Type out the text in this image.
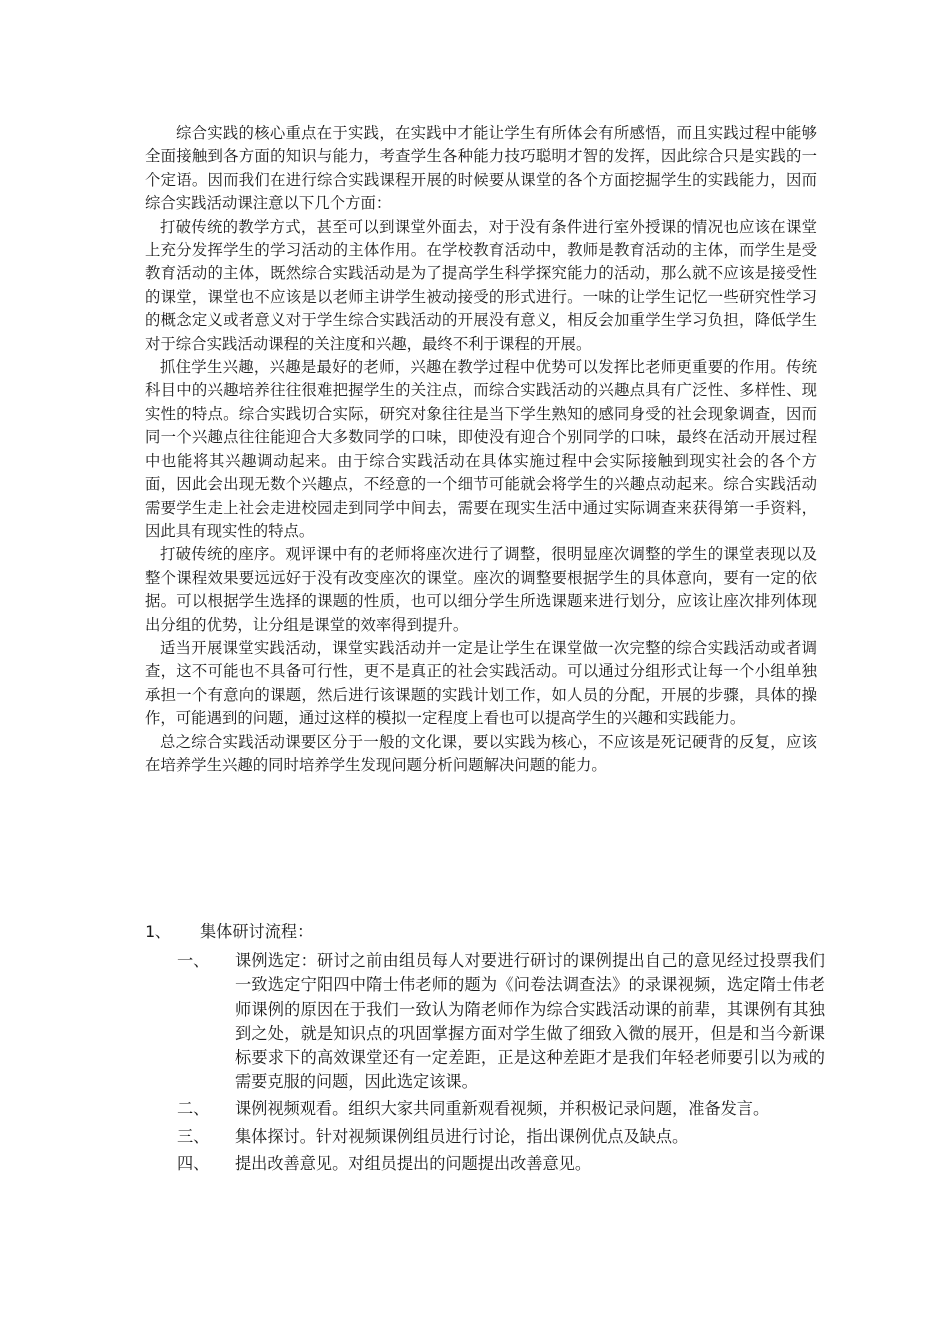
综合实践的核心重点在于实践，在实践中才能让学生有所体会有所感悟，而且实践过程中能够全面接触到各方面的知识与能力，考查学生各种能力技巧聪明才智的发挥，因此综合只是实践的一个定语。因而我们在进行综合实践课程开展的时候要从课堂的各个方面挖掘学生的实践能力，因而综合实践活动课注意以下几个方面：

打破传统的教学方式，甚至可以到课堂外面去，对于没有条件进行室外授课的情况也应该在课堂上充分发挥学生的学习活动的主体作用。在学校教育活动中，教师是教育活动的主体，而学生是受教育活动的主体，既然综合实践活动是为了提高学生科学探究能力的活动，那么就不应该是接受性的课堂，课堂也不应该是以老师主讲学生被动接受的形式进行。一味的让学生记忆一些研究性学习的概念定义或者意义对于学生综合实践活动的开展没有意义，相反会加重学生学习负担，降低学生对于综合实践活动课程的关注度和兴趣，最终不利于课程的开展。

抓住学生兴趣，兴趣是最好的老师，兴趣在教学过程中优势可以发挥比老师更重要的作用。传统科目中的兴趣培养往往很难把握学生的关注点，而综合实践活动的兴趣点具有广泛性、多样性、现实性的特点。综合实践切合实际，研究对象往往是当下学生熟知的感同身受的社会现象调查，因而同一个兴趣点往往能迎合大多数同学的口味，即使没有迎合个别同学的口味，最终在活动开展过程中也能将其兴趣调动起来。由于综合实践活动在具体实施过程中会实际接触到现实社会的各个方面，因此会出现无数个兴趣点，不经意的一个细节可能就会将学生的兴趣点动起来。综合实践活动需要学生走上社会走进校园走到同学中间去，需要在现实生活中通过实际调查来获得第一手资料，因此具有现实性的特点。

打破传统的座序。观评课中有的老师将座次进行了调整，很明显座次调整的学生的课堂表现以及整个课程效果要远远好于没有改变座次的课堂。座次的调整要根据学生的具体意向，要有一定的依据。可以根据学生选择的课题的性质，也可以细分学生所选课题来进行划分，应该让座次排列体现出分组的优势，让分组是课堂的效率得到提升。

适当开展课堂实践活动，课堂实践活动并一定是让学生在课堂做一次完整的综合实践活动或者调查，这不可能也不具备可行性，更不是真正的社会实践活动。可以通过分组形式让每一个小组单独承担一个有意向的课题，然后进行该课题的实践计划工作，如人员的分配，开展的步骤，具体的操作，可能遇到的问题，通过这样的模拟一定程度上看也可以提高学生的兴趣和实践能力。

总之综合实践活动课要区分于一般的文化课，要以实践为核心，不应该是死记硬背的反复，应该在培养学生兴趣的同时培养学生发现问题分析问题解决问题的能力。

1、 集体研讨流程：
一、 课例选定：研讨之前由组员每人对要进行研讨的课例提出自己的意见经过投票我们一致选定宁阳四中隋士伟老师的题为《问卷法调查法》的录课视频，选定隋士伟老师课例的原因在于我们一致认为隋老师作为综合实践活动课的前辈，其课例有其独到之处，就是知识点的巩固掌握方面对学生做了细致入微的展开，但是和当今新课标要求下的高效课堂还有一定差距，正是这种差距才是我们年轻老师要引以为戒的需要克服的问题，因此选定该课。
二、 课例视频观看。组织大家共同重新观看视频，并积极记录问题，准备发言。
三、 集体探讨。针对视频课例组员进行讨论，指出课例优点及缺点。
四、 提出改善意见。对组员提出的问题提出改善意见。
